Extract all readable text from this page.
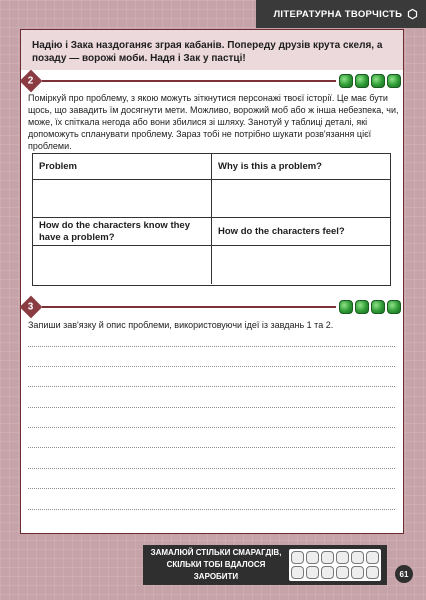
ЛІТЕРАТУРНА ТВОРЧІСТЬ ⬡
Надію і Зака наздоганяє зграя кабанів. Попереду друзів крута скеля, а позаду — ворожі моби. Надя і Зак у пастці!
2
Поміркуй про проблему, з якою можуть зіткнутися персонажі твоєї історії. Це має бути щось, що завадить їм досягнути мети. Можливо, ворожий моб або ж інша небезпека, чи, може, їх спіткала негода або вони збилися зі шляху. Занотуй у таблиці деталі, які допоможуть спланувати проблему. Зараз тобі не потрібно шукати розв'язання цієї проблеми.
Problem	Why is this a problem?
How do the characters know they have a problem?
How do the characters feel?
3
Запиши зав'язку й опис проблеми, використовуючи ідеї із завдань 1 та 2.
ЗАМАЛЮЙ СТІЛЬКИ СМАРАГДІВ,
СКІЛЬКИ ТОБІ ВДАЛОСЯ ЗАРОБИТИ	61
